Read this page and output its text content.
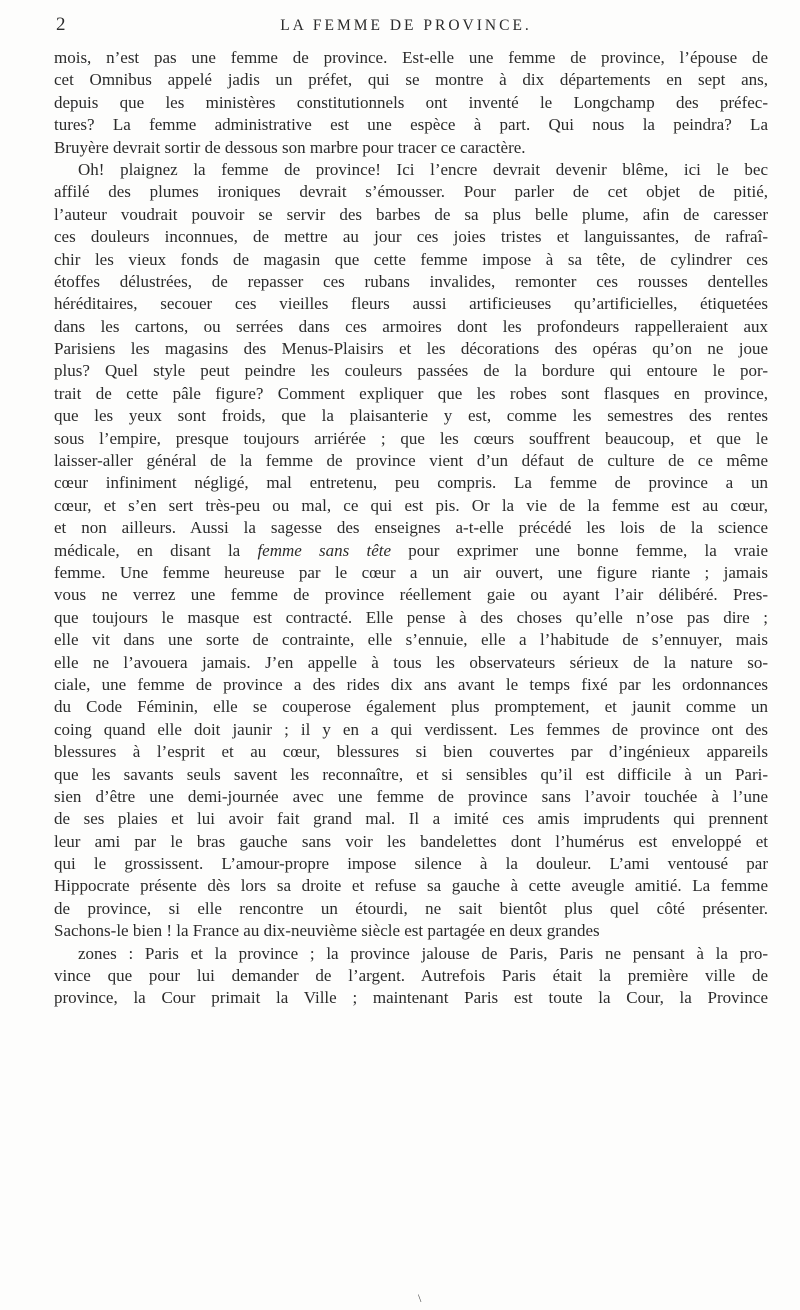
2	LA FEMME DE PROVINCE.
mois, n’est pas une femme de province. Est-elle une femme de province, l’épouse de
cet Omnibus appelé jadis un préfet, qui se montre à dix départements en sept ans,
depuis que les ministères constitutionnels ont inventé le Longchamp des préfec-
tures? La femme administrative est une espèce à part. Qui nous la peindra? La
Bruyère devrait sortir de dessous son marbre pour tracer ce caractère.
Oh! plaignez la femme de province! Ici l’encre devrait devenir blême, ici le bec
affilé des plumes ironiques devrait s’émousser. Pour parler de cet objet de pitié,
l’auteur voudrait pouvoir se servir des barbes de sa plus belle plume, afin de caresser
ces douleurs inconnues, de mettre au jour ces joies tristes et languissantes, de rafraî-
chir les vieux fonds de magasin que cette femme impose à sa tête, de cylindrer ces
étoffes délustrées, de repasser ces rubans invalides, remonter ces rousses dentelles
héréditaires, secouer ces vieilles fleurs aussi artificieuses qu’artificielles, étiquetées
dans les cartons, ou serrées dans ces armoires dont les profondeurs rappelleraient aux
Parisiens les magasins des Menus-Plaisirs et les décorations des opéras qu’on ne joue
plus? Quel style peut peindre les couleurs passées de la bordure qui entoure le por-
trait de cette pâle figure? Comment expliquer que les robes sont flasques en province,
que les yeux sont froids, que la plaisanterie y est, comme les semestres des rentes
sous l’empire, presque toujours arriérée ; que les cœurs souffrent beaucoup, et que le
laisser-aller général de la femme de province vient d’un défaut de culture de ce même
cœur infiniment négligé, mal entretenu, peu compris. La femme de province a un
cœur, et s’en sert très-peu ou mal, ce qui est pis. Or la vie de la femme est au cœur,
et non ailleurs. Aussi la sagesse des enseignes a-t-elle précédé les lois de la science
médicale, en disant la femme sans tête pour exprimer une bonne femme, la vraie
femme. Une femme heureuse par le cœur a un air ouvert, une figure riante ; jamais
vous ne verrez une femme de province réellement gaie ou ayant l’air délibéré. Pres-
que toujours le masque est contracté. Elle pense à des choses qu’elle n’ose pas dire ;
elle vit dans une sorte de contrainte, elle s’ennuie, elle a l’habitude de s’ennuyer, mais
elle ne l’avouera jamais. J’en appelle à tous les observateurs sérieux de la nature so-
ciale, une femme de province a des rides dix ans avant le temps fixé par les ordonnances
du Code Féminin, elle se couperose également plus promptement, et jaunit comme un
coing quand elle doit jaunir ; il y en a qui verdissent. Les femmes de province ont des
blessures à l’esprit et au cœur, blessures si bien couvertes par d’ingénieux appareils
que les savants seuls savent les reconnaître, et si sensibles qu’il est difficile à un Pari-
sien d’être une demi-journée avec une femme de province sans l’avoir touchée à l’une
de ses plaies et lui avoir fait grand mal. Il a imité ces amis imprudents qui prennent
leur ami par le bras gauche sans voir les bandelettes dont l’humérus est enveloppé et
qui le grossissent. L’amour-propre impose silence à la douleur. L’ami ventousé par
Hippocrate présente dès lors sa droite et refuse sa gauche à cette aveugle amitié. La femme
de province, si elle rencontre un étourdi, ne sait bientôt plus quel côté présenter.
Sachons-le bien ! la France au dix-neuvième siècle est partagée en deux grandes
zones : Paris et la province ; la province jalouse de Paris, Paris ne pensant à la pro-
vince que pour lui demander de l’argent. Autrefois Paris était la première ville de
province, la Cour primait la Ville ; maintenant Paris est toute la Cour, la Province
\
